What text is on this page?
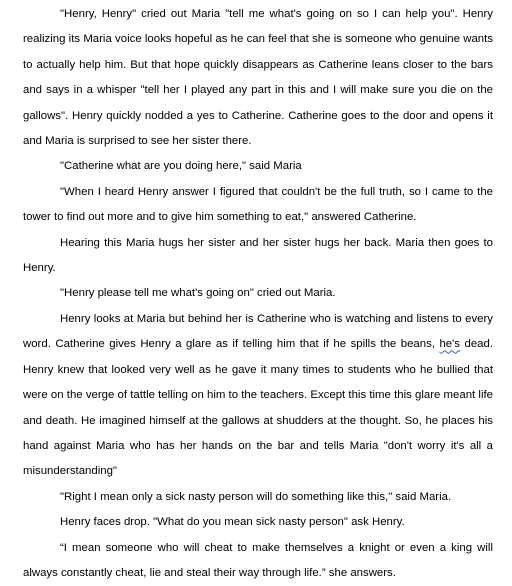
"Henry, Henry" cried out Maria "tell me what's going on so I can help you". Henry realizing its Maria voice looks hopeful as he can feel that she is someone who genuine wants to actually help him. But that hope quickly disappears as Catherine leans closer to the bars and says in a whisper "tell her I played any part in this and I will make sure you die on the gallows". Henry quickly nodded a yes to Catherine. Catherine goes to the door and opens it and Maria is surprised to see her sister there.

"Catherine what are you doing here," said Maria

"When I heard Henry answer I figured that couldn't be the full truth, so I came to the tower to find out more and to give him something to eat," answered Catherine.

Hearing this Maria hugs her sister and her sister hugs her back. Maria then goes to Henry.

"Henry please tell me what's going on" cried out Maria.

Henry looks at Maria but behind her is Catherine who is watching and listens to every word. Catherine gives Henry a glare as if telling him that if he spills the beans, he's dead. Henry knew that looked very well as he gave it many times to students who he bullied that were on the verge of tattle telling on him to the teachers. Except this time this glare meant life and death. He imagined himself at the gallows at shudders at the thought. So, he places his hand against Maria who has her hands on the bar and tells Maria "don't worry it's all a misunderstanding"

"Right I mean only a sick nasty person will do something like this," said Maria.

Henry faces drop. "What do you mean sick nasty person" ask Henry.

“I mean someone who will cheat to make themselves a knight or even a king will always constantly cheat, lie and steal their way through life.” she answers.
